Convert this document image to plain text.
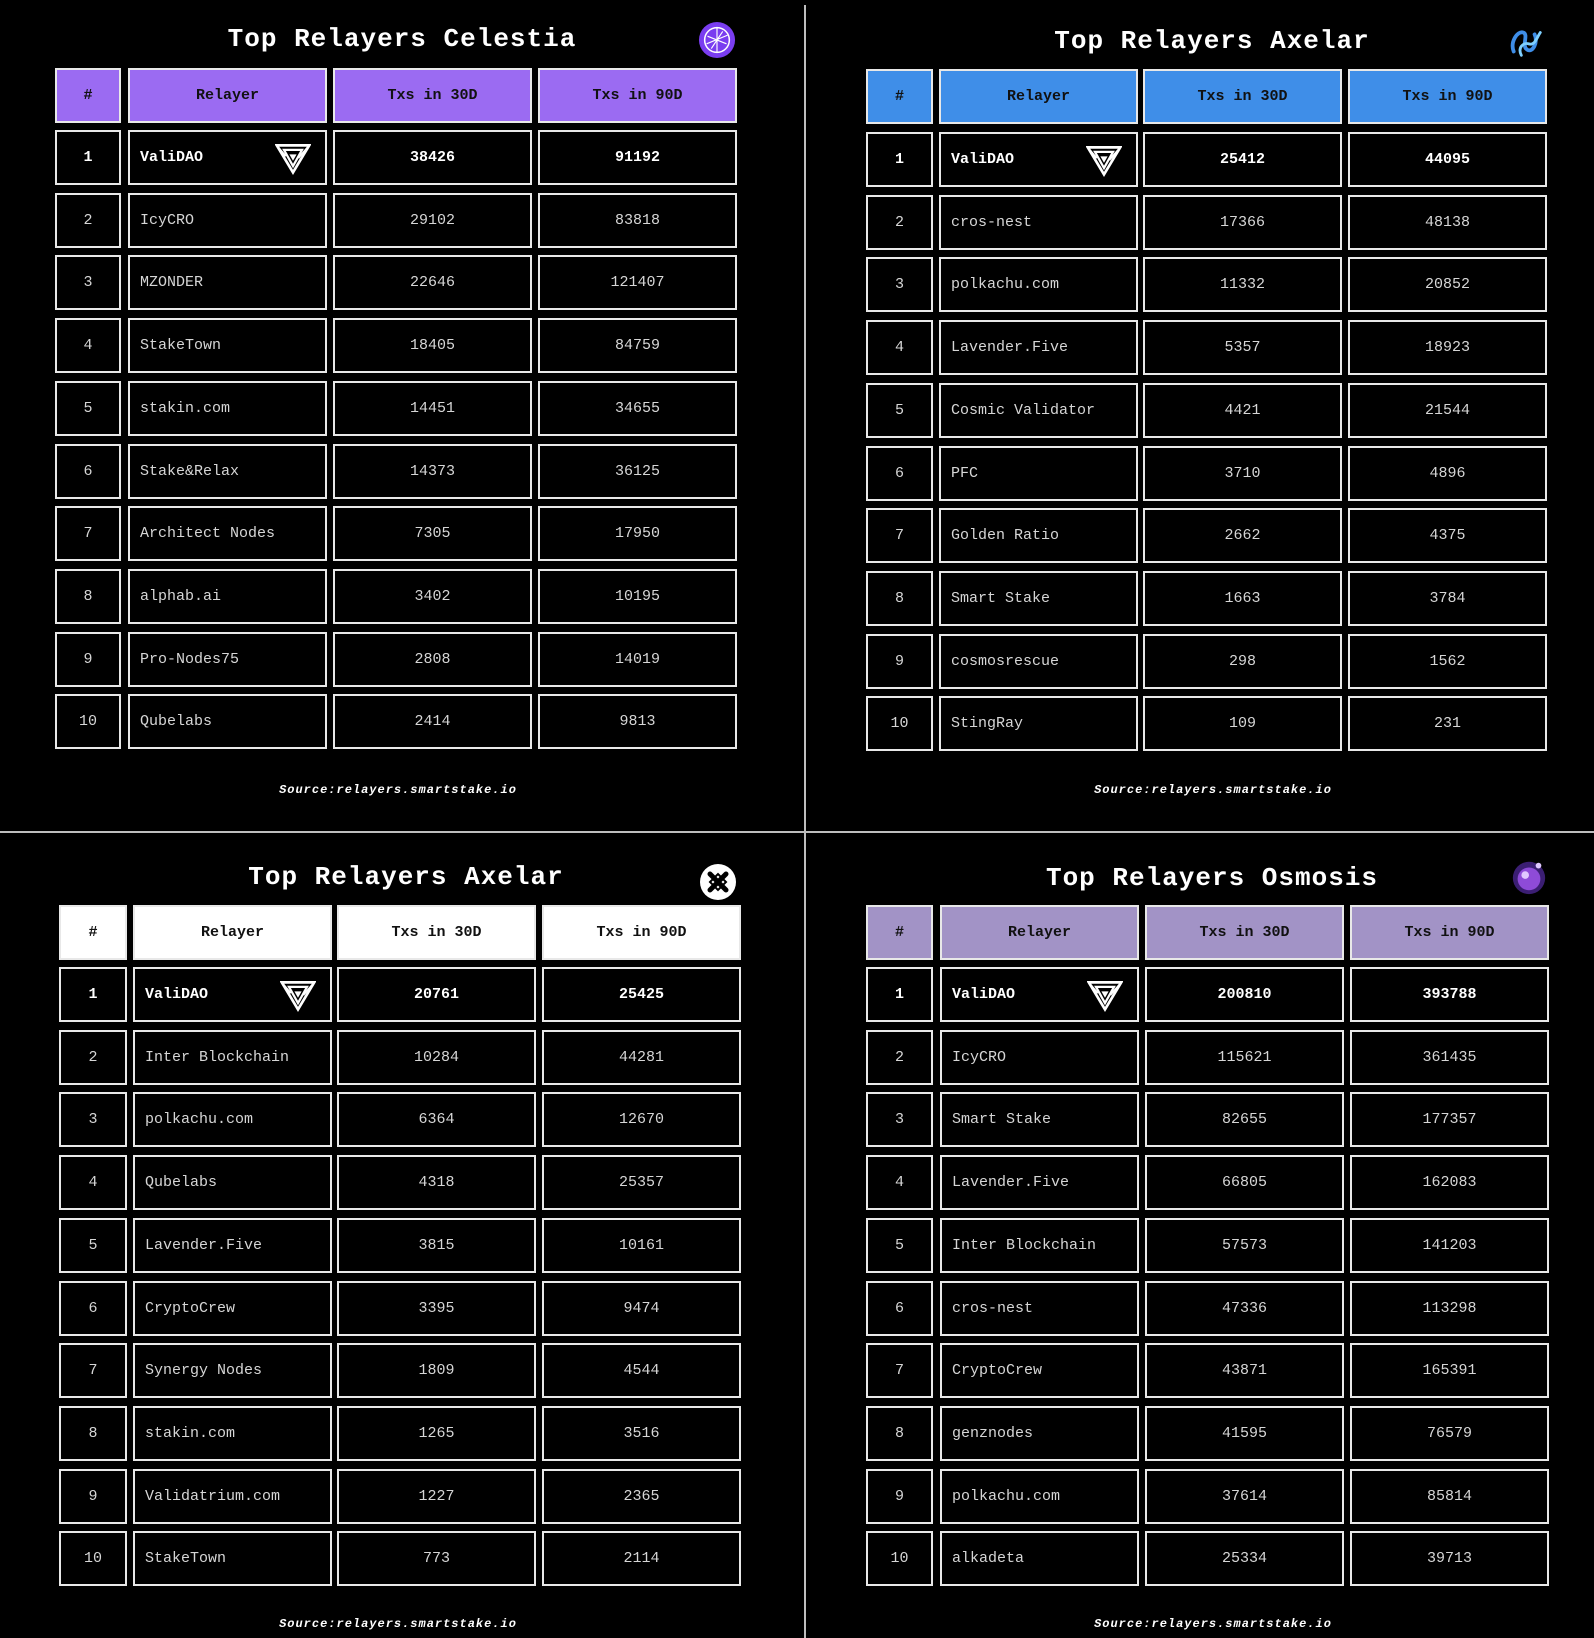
Top Relayers Celestia
#	Relayer	Txs in 30D	Txs in 90D
1	ValiDAO	38426	91192
2	IcyCRO	29102	83818
3	MZONDER	22646	121407
4	StakeTown	18405	84759
5	stakin.com	14451	34655
6	Stake&Relax	14373	36125
7	Architect Nodes	7305	17950
8	alphab.ai	3402	10195
9	Pro-Nodes75	2808	14019
10	Qubelabs	2414	9813
Source:relayers.smartstake.io
Top Relayers Axelar
#	Relayer	Txs in 30D	Txs in 90D
1	ValiDAO	25412	44095
2	cros-nest	17366	48138
3	polkachu.com	11332	20852
4	Lavender.Five	5357	18923
5	Cosmic Validator	4421	21544
6	PFC	3710	4896
7	Golden Ratio	2662	4375
8	Smart Stake	1663	3784
9	cosmosrescue	298	1562
10	StingRay	109	231
Source:relayers.smartstake.io
Top Relayers Axelar
#	Relayer	Txs in 30D	Txs in 90D
1	ValiDAO	20761	25425
2	Inter Blockchain	10284	44281
3	polkachu.com	6364	12670
4	Qubelabs	4318	25357
5	Lavender.Five	3815	10161
6	CryptoCrew	3395	9474
7	Synergy Nodes	1809	4544
8	stakin.com	1265	3516
9	Validatrium.com	1227	2365
10	StakeTown	773	2114
Source:relayers.smartstake.io
Top Relayers Osmosis
#	Relayer	Txs in 30D	Txs in 90D
1	ValiDAO	200810	393788
2	IcyCRO	115621	361435
3	Smart Stake	82655	177357
4	Lavender.Five	66805	162083
5	Inter Blockchain	57573	141203
6	cros-nest	47336	113298
7	CryptoCrew	43871	165391
8	genznodes	41595	76579
9	polkachu.com	37614	85814
10	alkadeta	25334	39713
Source:relayers.smartstake.io
